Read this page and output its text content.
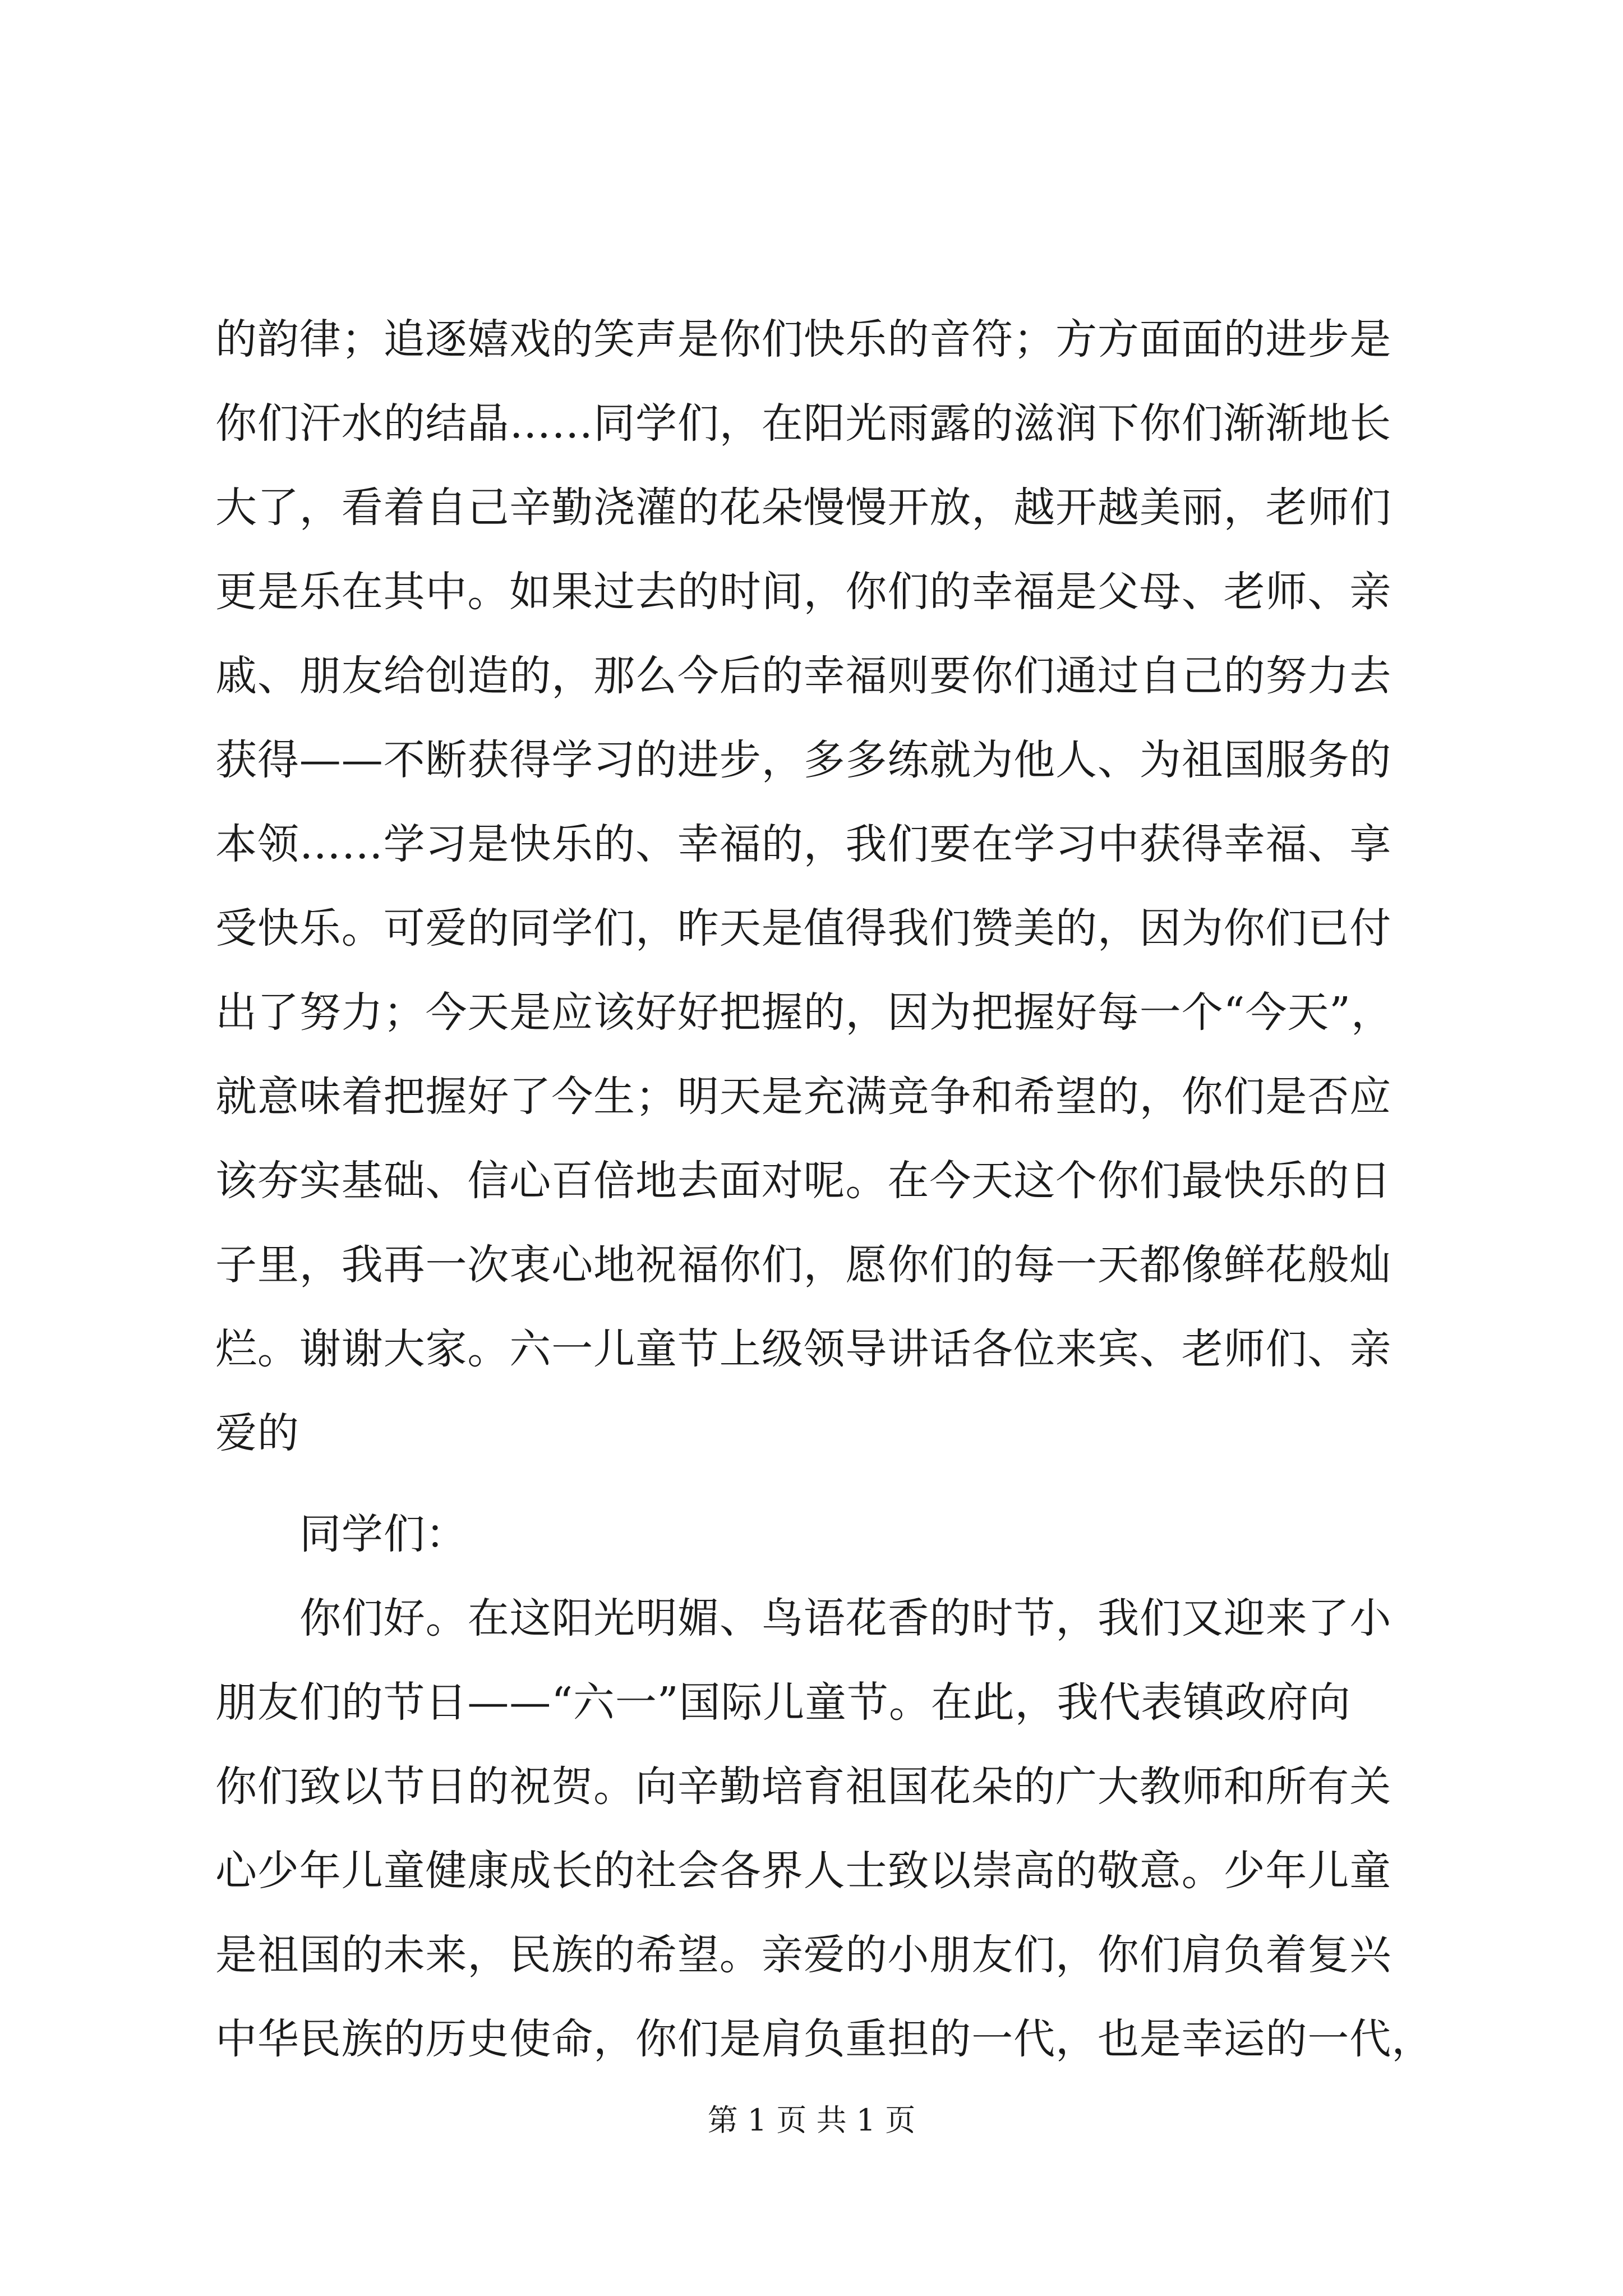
的韵律；追逐嬉戏的笑声是你们快乐的音符；方方面面的进步是
你们汗水的结晶……同学们，在阳光雨露的滋润下你们渐渐地长
大了，看着自己辛勤浇灌的花朵慢慢开放，越开越美丽，老师们
更是乐在其中。如果过去的时间，你们的幸福是父母、老师、亲
戚、朋友给创造的，那么今后的幸福则要你们通过自己的努力去
获得——不断获得学习的进步，多多练就为他人、为祖国服务的
本领……学习是快乐的、幸福的，我们要在学习中获得幸福、享
受快乐。可爱的同学们，昨天是值得我们赞美的，因为你们已付
出了努力；今天是应该好好把握的，因为把握好每一个“今天”，
就意味着把握好了今生；明天是充满竞争和希望的，你们是否应
该夯实基础、信心百倍地去面对呢。在今天这个你们最快乐的日
子里，我再一次衷心地祝福你们，愿你们的每一天都像鲜花般灿
烂。谢谢大家。六一儿童节上级领导讲话各位来宾、老师们、亲
爱的
同学们：
你们好。在这阳光明媚、鸟语花香的时节，我们又迎来了小
朋友们的节日——“六一”国际儿童节。在此，我代表镇政府向
你们致以节日的祝贺。向辛勤培育祖国花朵的广大教师和所有关
心少年儿童健康成长的社会各界人士致以崇高的敬意。少年儿童
是祖国的未来，民族的希望。亲爱的小朋友们，你们肩负着复兴
中华民族的历史使命，你们是肩负重担的一代，也是幸运的一代，
第 1 页 共 1 页
